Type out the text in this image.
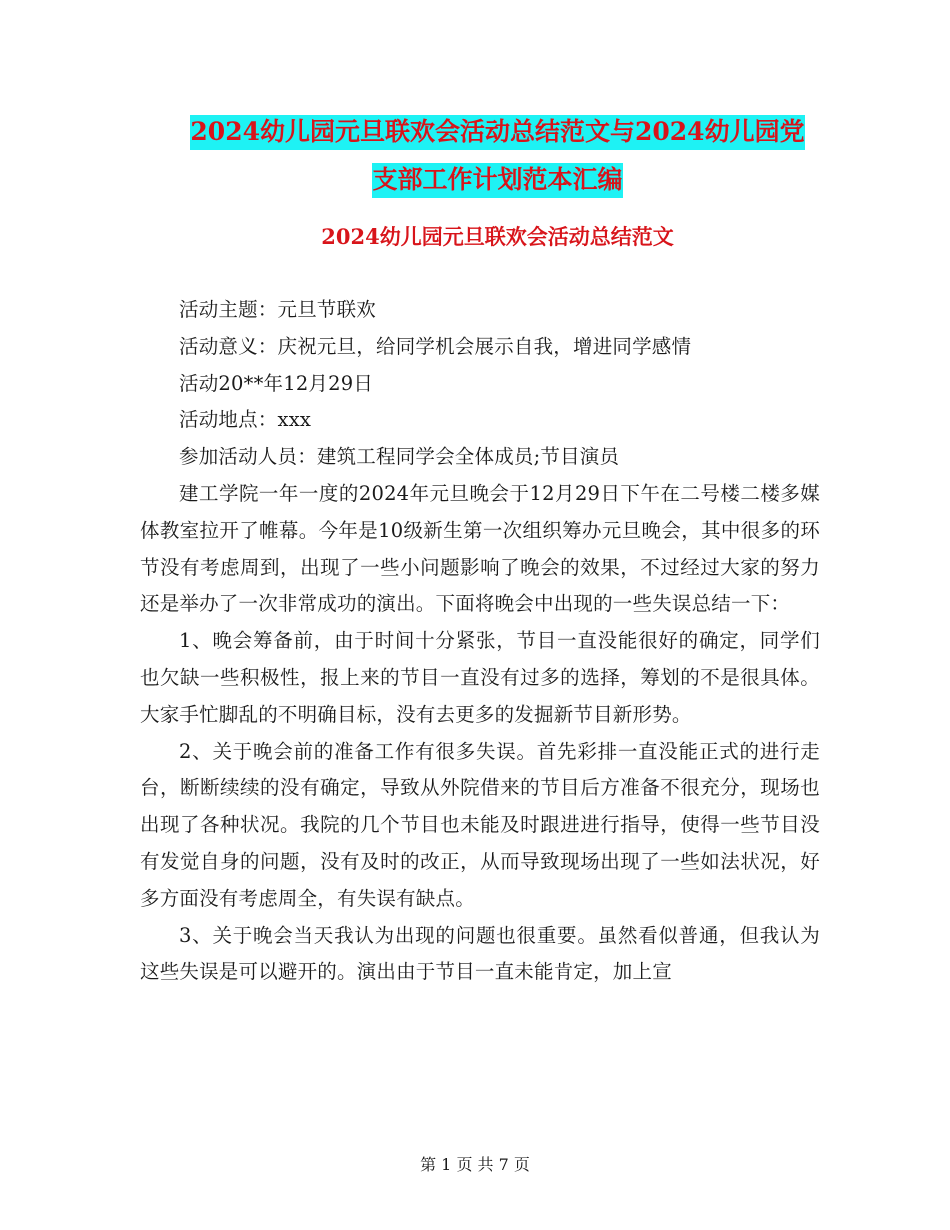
2024幼儿园元旦联欢会活动总结范文与2024幼儿园党
支部工作计划范本汇编
2024幼儿园元旦联欢会活动总结范文

活动主题：元旦节联欢

活动意义：庆祝元旦，给同学机会展示自我，增进同学感情

活动20**年12月29日

活动地点：xxx

参加活动人员：建筑工程同学会全体成员;节目演员

建工学院一年一度的2024年元旦晚会于12月29日下午在二号楼二楼多媒体教室拉开了帷幕。今年是10级新生第一次组织筹办元旦晚会，其中很多的环节没有考虑周到，出现了一些小问题影响了晚会的效果，不过经过大家的努力还是举办了一次非常成功的演出。下面将晚会中出现的一些失误总结一下：

1、晚会筹备前，由于时间十分紧张，节目一直没能很好的确定，同学们也欠缺一些积极性，报上来的节目一直没有过多的选择，筹划的不是很具体。大家手忙脚乱的不明确目标，没有去更多的发掘新节目新形势。

2、关于晚会前的准备工作有很多失误。首先彩排一直没能正式的进行走台，断断续续的没有确定，导致从外院借来的节目后方准备不很充分，现场也出现了各种状况。我院的几个节目也未能及时跟进进行指导，使得一些节目没有发觉自身的问题，没有及时的改正，从而导致现场出现了一些如法状况，好多方面没有考虑周全，有失误有缺点。

3、关于晚会当天我认为出现的问题也很重要。虽然看似普通，但我认为这些失误是可以避开的。演出由于节目一直未能肯定，加上宣

第 1 页 共 7 页
